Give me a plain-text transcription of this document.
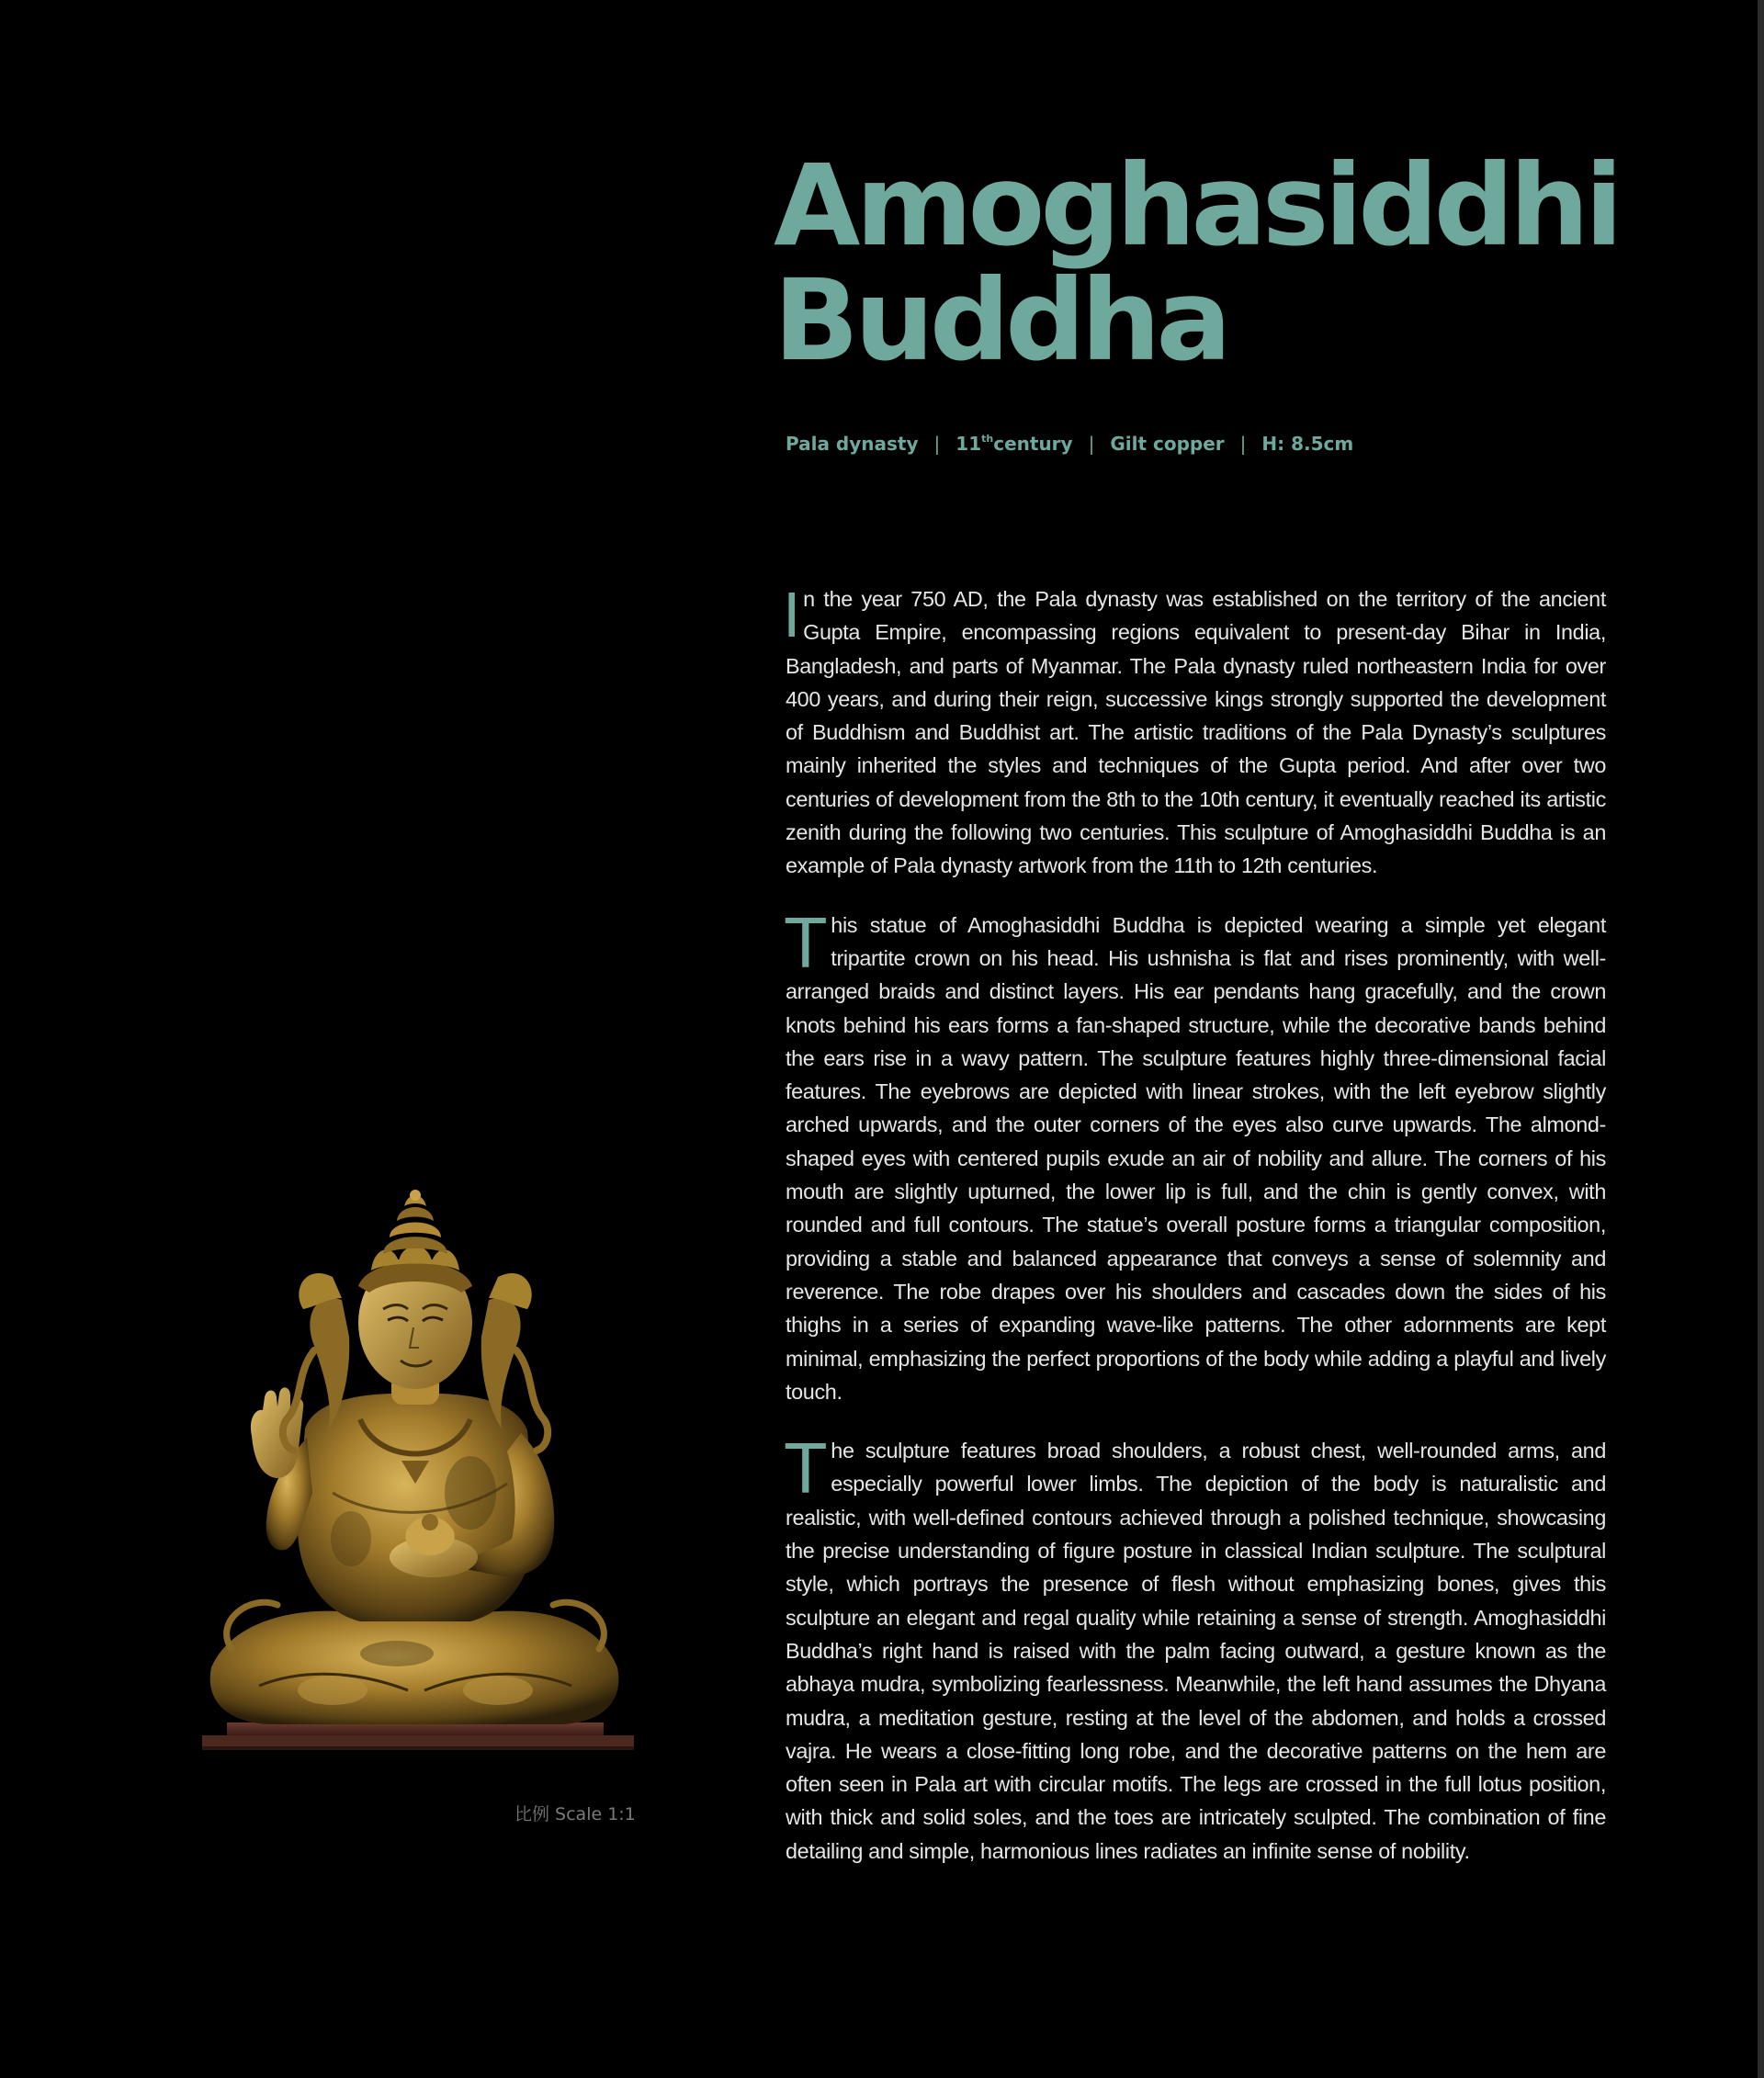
Amoghasiddhi
Buddha
Pala dynasty | 11thcentury | Gilt copper | H: 8.5cm

In the year 750 AD, the Pala dynasty was established on the territory of the ancient Gupta Empire, encompassing regions equivalent to present-day Bihar in India, Bangladesh, and parts of Myanmar. The Pala dynasty ruled northeastern India for over 400 years, and during their reign, successive kings strongly supported the development of Buddhism and Buddhist art. The artistic traditions of the Pala Dynasty’s sculptures mainly inherited the styles and techniques of the Gupta period. And after over two centuries of development from the 8th to the 10th century, it eventually reached its artistic zenith during the following two centuries. This sculpture of Amoghasiddhi Buddha is an example of Pala dynasty artwork from the 11th to 12th centuries.

This statue of Amoghasiddhi Buddha is depicted wearing a simple yet elegant tripartite crown on his head. His ushnisha is flat and rises prominently, with well-arranged braids and distinct layers. His ear pendants hang gracefully, and the crown knots behind his ears forms a fan-shaped structure, while the decorative bands behind the ears rise in a wavy pattern. The sculpture features highly three-dimensional facial features. The eyebrows are depicted with linear strokes, with the left eyebrow slightly arched upwards, and the outer corners of the eyes also curve upwards. The almond-shaped eyes with centered pupils exude an air of nobility and allure. The corners of his mouth are slightly upturned, the lower lip is full, and the chin is gently convex, with rounded and full contours. The statue’s overall posture forms a triangular composition, providing a stable and balanced appearance that conveys a sense of solemnity and reverence. The robe drapes over his shoulders and cascades down the sides of his thighs in a series of expanding wave-like patterns. The other adornments are kept minimal, emphasizing the perfect proportions of the body while adding a playful and lively touch.

The sculpture features broad shoulders, a robust chest, well-rounded arms, and especially powerful lower limbs. The depiction of the body is naturalistic and realistic, with well-defined contours achieved through a polished technique, showcasing the precise understanding of figure posture in classical Indian sculpture. The sculptural style, which portrays the presence of flesh without emphasizing bones, gives this sculpture an elegant and regal quality while retaining a sense of strength. Amoghasiddhi Buddha’s right hand is raised with the palm facing outward, a gesture known as the abhaya mudra, symbolizing fearlessness. Meanwhile, the left hand assumes the Dhyana mudra, a meditation gesture, resting at the level of the abdomen, and holds a crossed vajra. He wears a close-fitting long robe, and the decorative patterns on the hem are often seen in Pala art with circular motifs. The legs are crossed in the full lotus position, with thick and solid soles, and the toes are intricately sculpted. The combination of fine detailing and simple, harmonious lines radiates an infinite sense of nobility.

比例 Scale 1:1
